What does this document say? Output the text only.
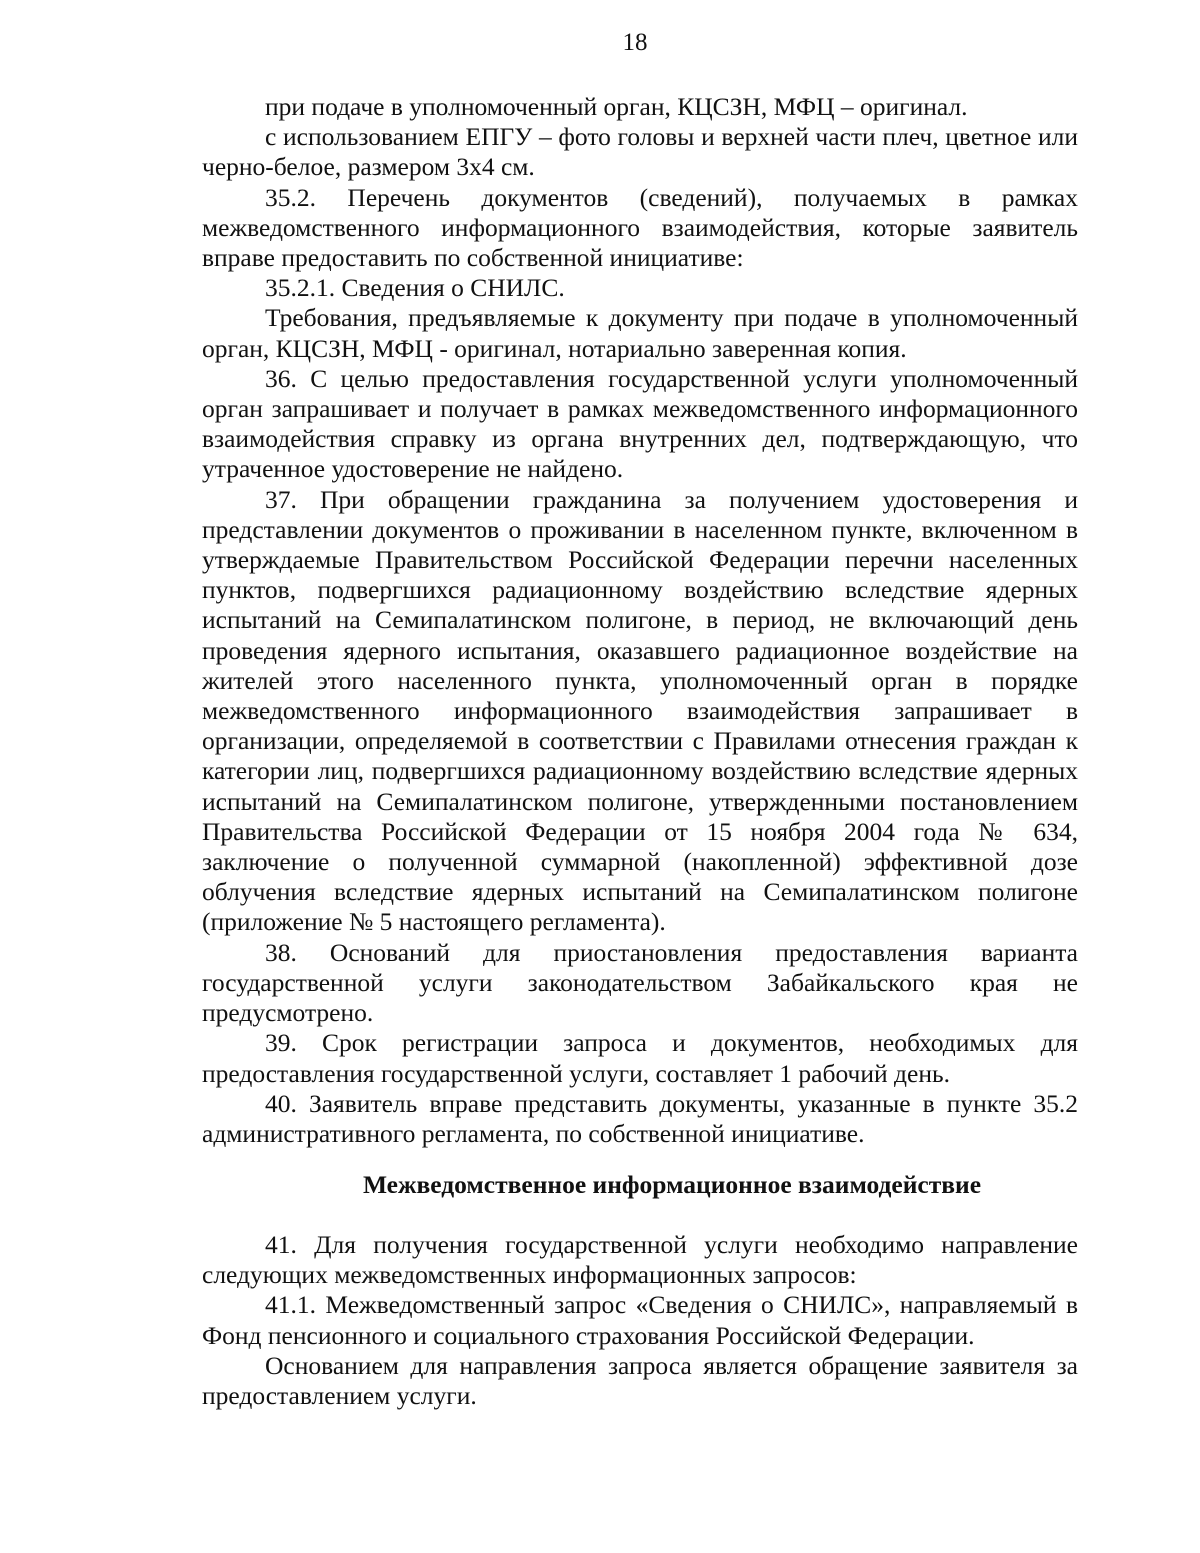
18

при подаче в уполномоченный орган, КЦСЗН, МФЦ – оригинал.

с использованием ЕПГУ – фото головы и верхней части плеч, цветное или черно-белое, размером 3х4 см.

35.2. Перечень документов (сведений), получаемых в рамках межведомственного информационного взаимодействия, которые заявитель вправе предоставить по собственной инициативе:

35.2.1. Сведения о СНИЛС.

Требования, предъявляемые к документу при подаче в уполномоченный орган, КЦСЗН, МФЦ - оригинал, нотариально заверенная копия.

36. С целью предоставления государственной услуги уполномоченный орган запрашивает и получает в рамках межведомственного информационного взаимодействия справку из органа внутренних дел, подтверждающую, что утраченное удостоверение не найдено.

37. При обращении гражданина за получением удостоверения и представлении документов о проживании в населенном пункте, включенном в утверждаемые Правительством Российской Федерации перечни населенных пунктов, подвергшихся радиационному воздействию вследствие ядерных испытаний на Семипалатинском полигоне, в период, не включающий день проведения ядерного испытания, оказавшего радиационное воздействие на жителей этого населенного пункта, уполномоченный орган в порядке межведомственного информационного взаимодействия запрашивает в организации, определяемой в соответствии с Правилами отнесения граждан к категории лиц, подвергшихся радиационному воздействию вследствие ядерных испытаний на Семипалатинском полигоне, утвержденными постановлением Правительства Российской Федерации от 15 ноября 2004 года № 634, заключение о полученной суммарной (накопленной) эффективной дозе облучения вследствие ядерных испытаний на Семипалатинском полигоне (приложение № 5 настоящего регламента).

38. Оснований для приостановления предоставления варианта государственной услуги законодательством Забайкальского края не предусмотрено.

39. Срок регистрации запроса и документов, необходимых для предоставления государственной услуги, составляет 1 рабочий день.

40. Заявитель вправе представить документы, указанные в пункте 35.2 административного регламента, по собственной инициативе.

Межведомственное информационное взаимодействие

41. Для получения государственной услуги необходимо направление следующих межведомственных информационных запросов:

41.1. Межведомственный запрос «Сведения о СНИЛС», направляемый в Фонд пенсионного и социального страхования Российской Федерации.

Основанием для направления запроса является обращение заявителя за предоставлением услуги.
